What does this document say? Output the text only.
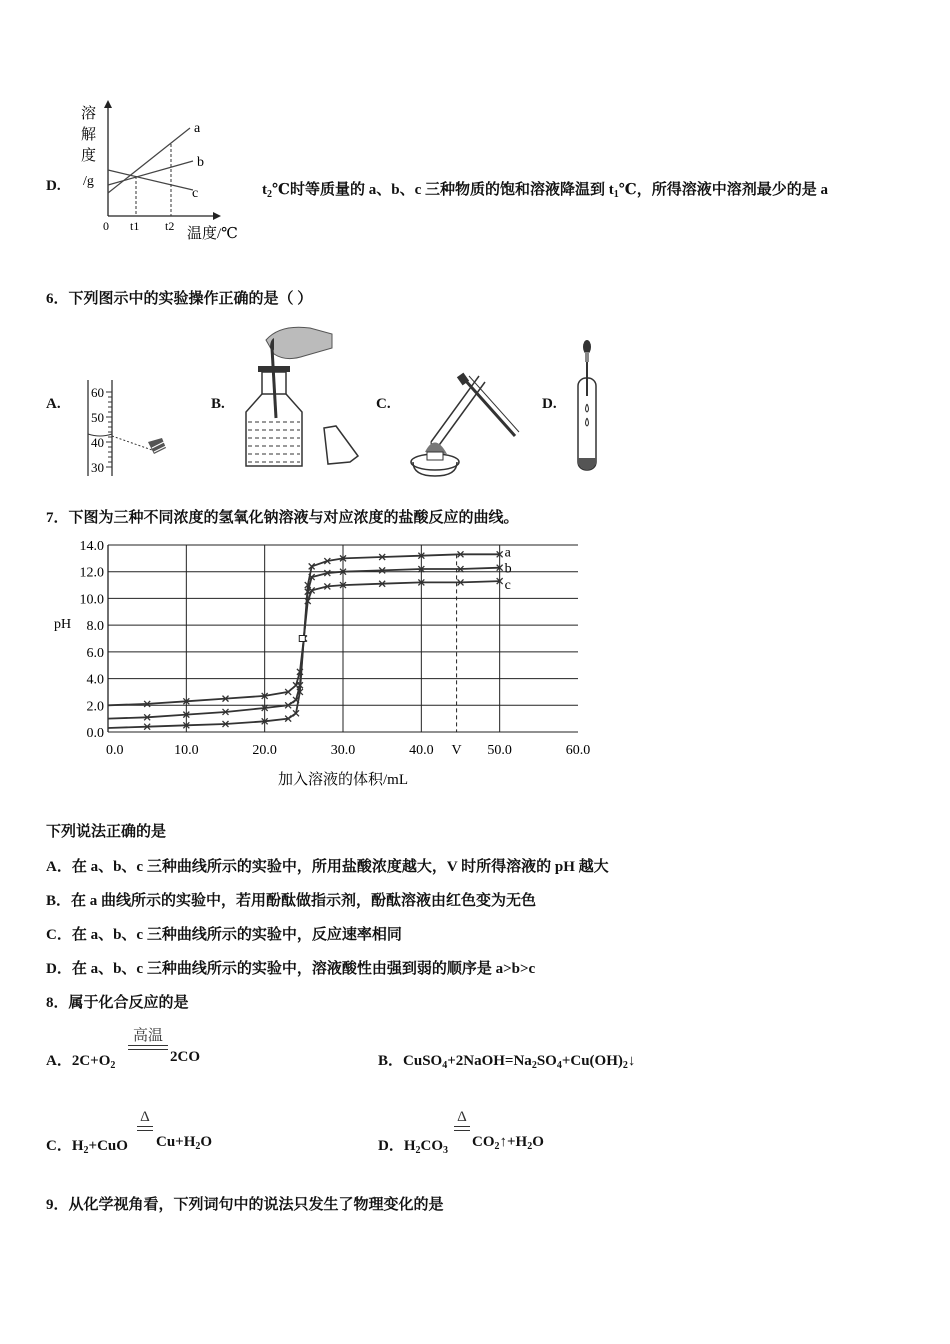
D.
溶
解
度
/g
a
b
c
0 t1 t2 温度/℃
$t_2℃$时等质量的 a、b、c 三种物质的饱和溶液降温到 $t_1℃$，所得溶液中溶剂最少的是 a
6．下列图示中的实验操作正确的是（ ）
A.
60
50
40
30
B.	C.	D.
7．下图为三种不同浓度的氢氧化钠溶液与对应浓度的盐酸反应的曲线。
0.0
2.0
4.0
6.0
8.0
10.0
12.0
14.0
0.0	10.0	20.0	30.0	40.0	50.0	60.0
V
a
b
c
pH
加入溶液的体积/mL
下列说法正确的是
A．在 a、b、c 三种曲线所示的实验中，所用盐酸浓度越大，V 时所得溶液的 pH 越大
B．在 a 曲线所示的实验中，若用酚酞做指示剂，酚酞溶液由红色变为无色
C．在 a、b、c 三种曲线所示的实验中，反应速率相同
D．在 a、b、c 三种曲线所示的实验中，溶液酸性由强到弱的顺序是 a>b>c
8．属于化合反应的是
A．$2C+O_2$
高温
2CO	B．$CuSO_4+2NaOH=Na_2SO_4+Cu(OH)_2↓$
C．$H_2+CuO$
Δ
$Cu+H_2O$	D．$H_2CO_3$
Δ
$CO_2↑+H_2O$
9．从化学视角看，下列词句中的说法只发生了物理变化的是
